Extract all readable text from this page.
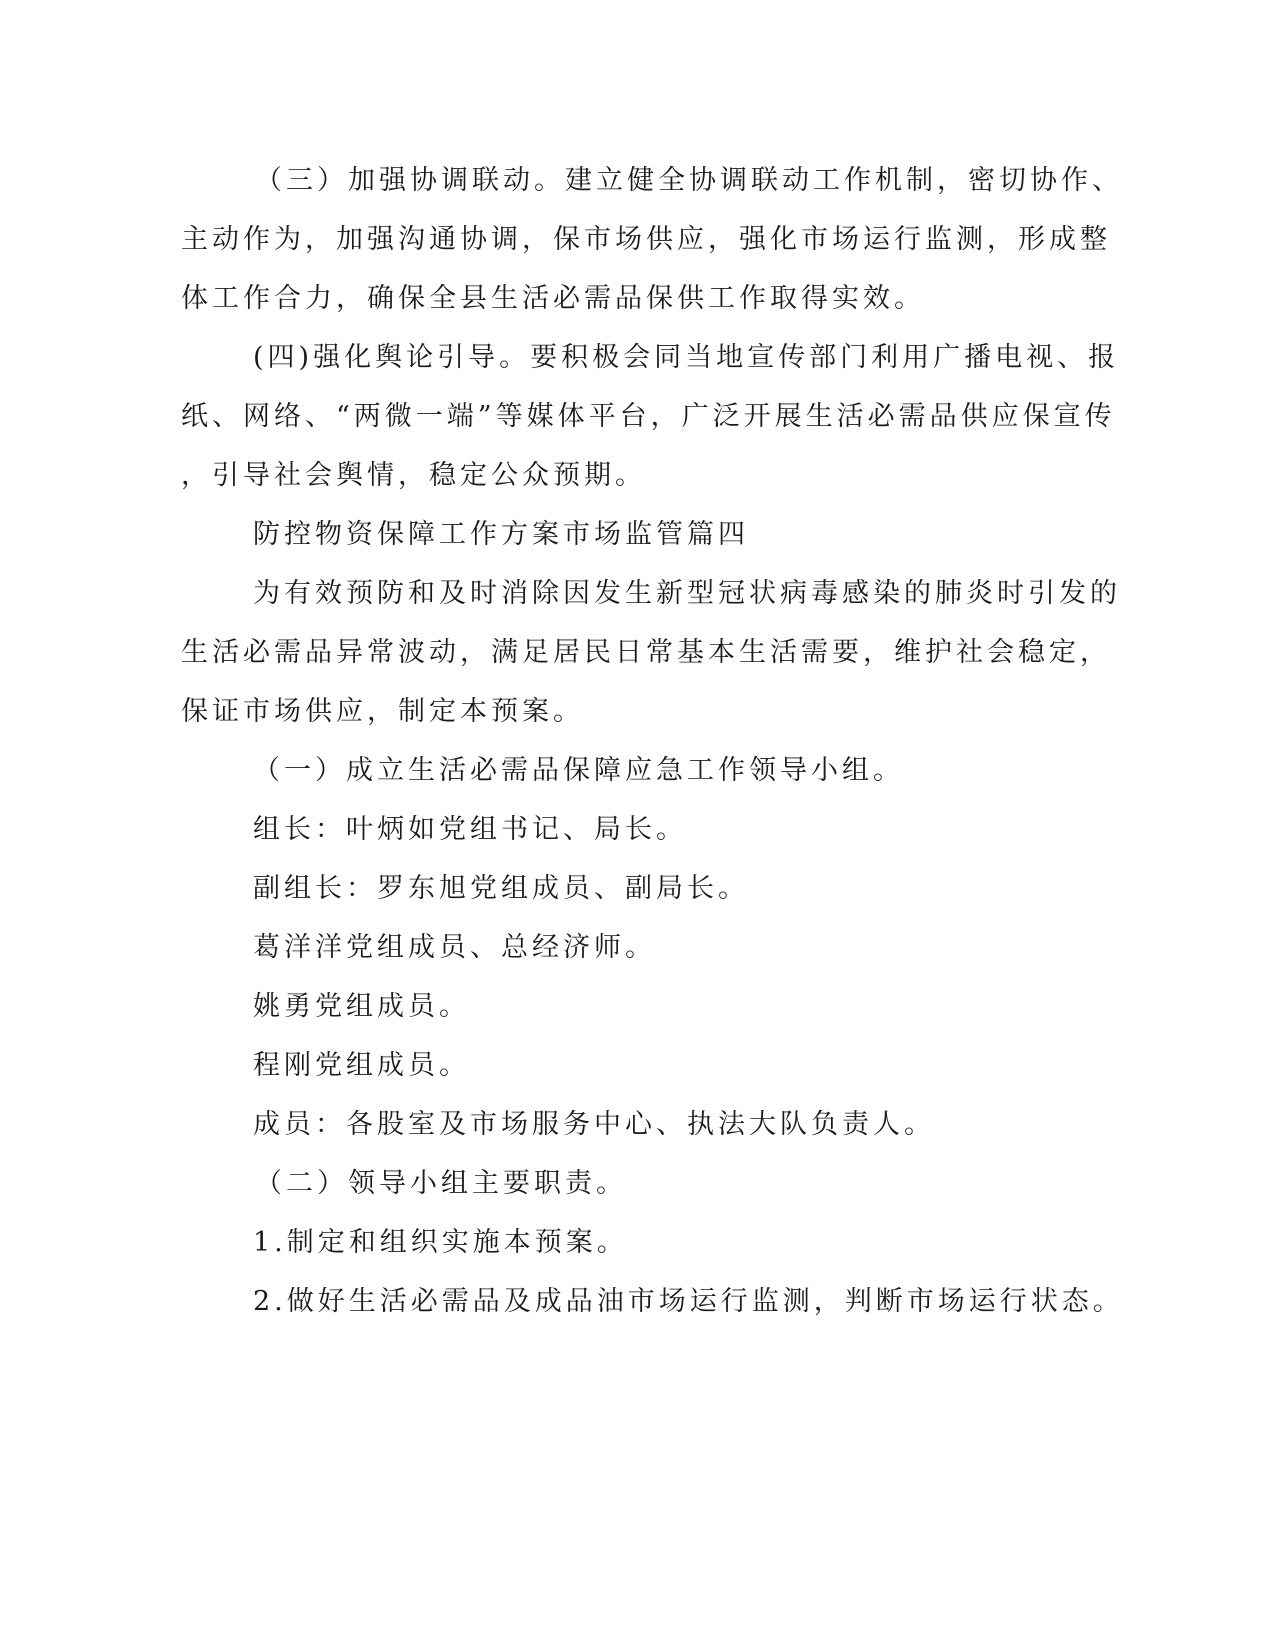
（三）加强协调联动。建立健全协调联动工作机制，密切协作、
主动作为，加强沟通协调，保市场供应，强化市场运行监测，形成整
体工作合力，确保全县生活必需品保供工作取得实效。
(四)强化舆论引导。要积极会同当地宣传部门利用广播电视、报
纸、网络、“两微一端”等媒体平台，广泛开展生活必需品供应保宣传
，引导社会舆情，稳定公众预期。
防控物资保障工作方案市场监管篇四
为有效预防和及时消除因发生新型冠状病毒感染的肺炎时引发的
生活必需品异常波动，满足居民日常基本生活需要，维护社会稳定，
保证市场供应，制定本预案。
（一）成立生活必需品保障应急工作领导小组。
组长：叶炳如党组书记、局长。
副组长：罗东旭党组成员、副局长。
葛洋洋党组成员、总经济师。
姚勇党组成员。
程刚党组成员。
成员：各股室及市场服务中心、执法大队负责人。
（二）领导小组主要职责。
1.制定和组织实施本预案。
2.做好生活必需品及成品油市场运行监测，判断市场运行状态。
